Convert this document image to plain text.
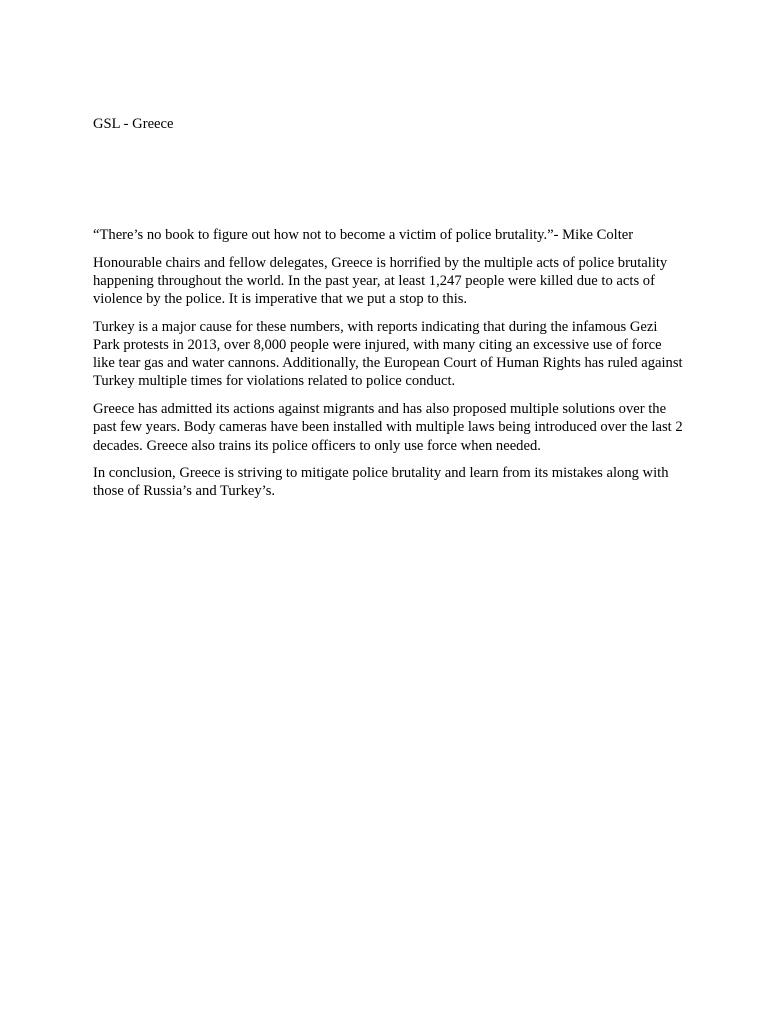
GSL - Greece

“There’s no book to figure out how not to become a victim of police brutality.”- Mike Colter

Honourable chairs and fellow delegates, Greece is horrified by the multiple acts of police brutality happening throughout the world. In the past year, at least 1,247 people were killed due to acts of violence by the police. It is imperative that we put a stop to this.

Turkey is a major cause for these numbers, with reports indicating that during the infamous Gezi Park protests in 2013, over 8,000 people were injured, with many citing an excessive use of force like tear gas and water cannons. Additionally, the European Court of Human Rights has ruled against Turkey multiple times for violations related to police conduct.

Greece has admitted its actions against migrants and has also proposed multiple solutions over the past few years. Body cameras have been installed with multiple laws being introduced over the last 2 decades. Greece also trains its police officers to only use force when needed.

In conclusion, Greece is striving to mitigate police brutality and learn from its mistakes along with those of Russia’s and Turkey’s.
